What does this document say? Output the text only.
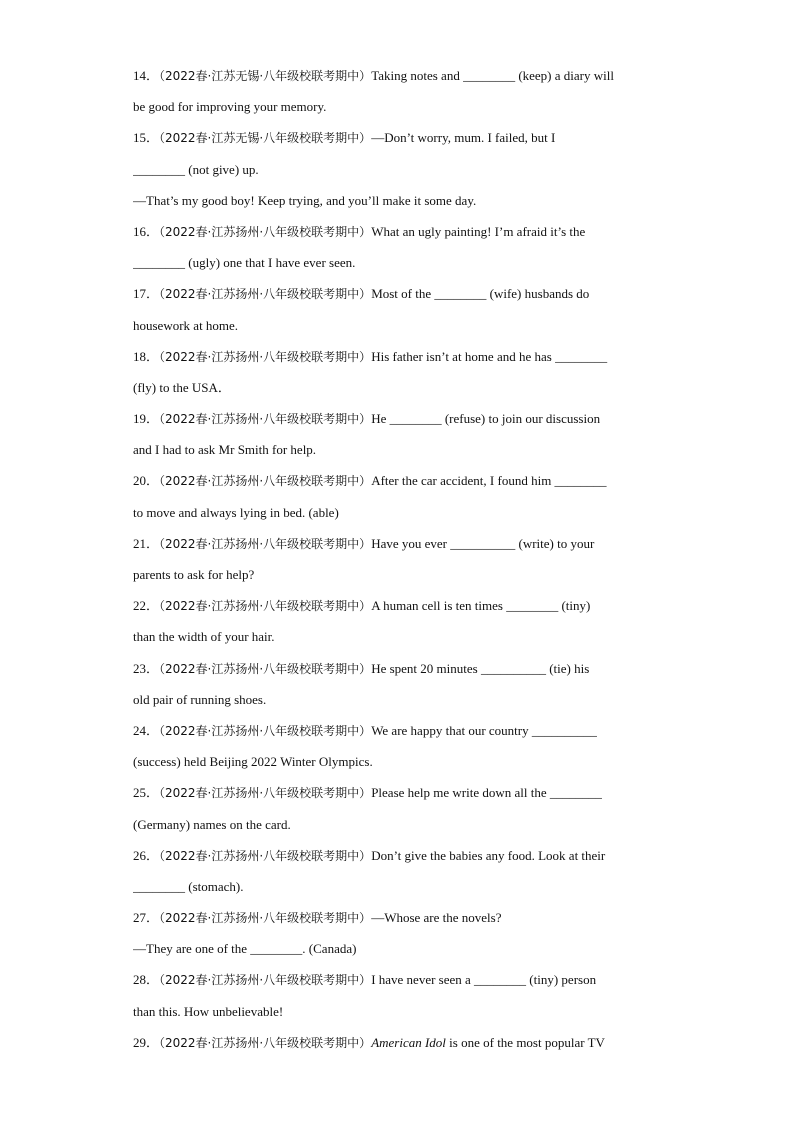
14．（2022春·江苏无锡·八年级校联考期中）Taking notes and ________ (keep) a diary will
be good for improving your memory.
15．（2022春·江苏无锡·八年级校联考期中）—Don’t worry, mum. I failed, but I
________ (not give) up.
—That’s my good boy! Keep trying, and you’ll make it some day.
16．（2022春·江苏扬州·八年级校联考期中）What an ugly painting! I’m afraid it’s the
________ (ugly) one that I have ever seen.
17．（2022春·江苏扬州·八年级校联考期中）Most of the ________ (wife) husbands do
housework at home.
18．（2022春·江苏扬州·八年级校联考期中）His father isn’t at home and he has ________
(fly) to the USA．
19．（2022春·江苏扬州·八年级校联考期中）He ________ (refuse) to join our discussion
and I had to ask Mr Smith for help.
20．（2022春·江苏扬州·八年级校联考期中）After the car accident, I found him ________
to move and always lying in bed. (able)
21．（2022春·江苏扬州·八年级校联考期中）Have you ever __________ (write) to your
parents to ask for help?
22．（2022春·江苏扬州·八年级校联考期中）A human cell is ten times ________ (tiny)
than the width of your hair.
23．（2022春·江苏扬州·八年级校联考期中）He spent 20 minutes __________ (tie) his
old pair of running shoes.
24．（2022春·江苏扬州·八年级校联考期中）We are happy that our country __________
(success) held Beijing 2022 Winter Olympics.
25．（2022春·江苏扬州·八年级校联考期中）Please help me write down all the ________
(Germany) names on the card.
26．（2022春·江苏扬州·八年级校联考期中）Don’t give the babies any food. Look at their
________ (stomach).
27．（2022春·江苏扬州·八年级校联考期中）—Whose are the novels?
—They are one of the ________. (Canada)
28．（2022春·江苏扬州·八年级校联考期中）I have never seen a ________ (tiny) person
than this. How unbelievable!
29．（2022春·江苏扬州·八年级校联考期中）American Idol is one of the most popular TV
